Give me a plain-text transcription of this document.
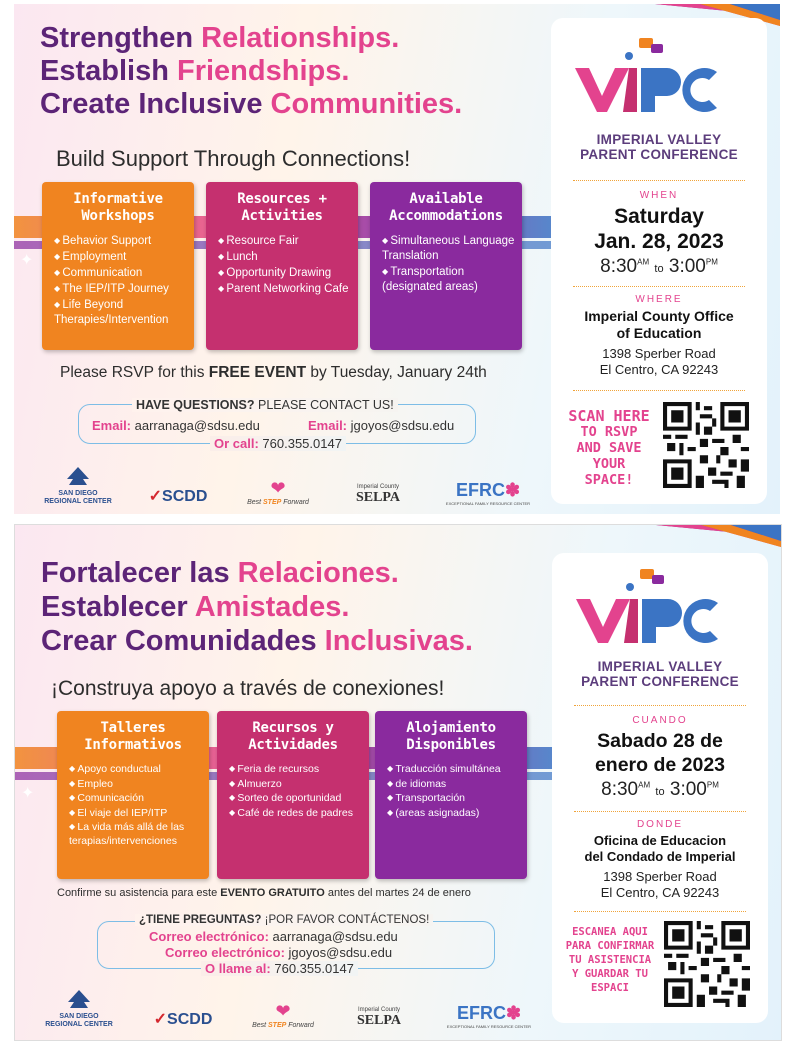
Strengthen Relationships.
Establish Friendships.
Create Inclusive Communities.
Build Support Through Connections!
✦
Informative
Workshops
◆ Behavior Support
◆ Employment
◆ Communication
◆ The IEP/ITP Journey
◆ Life Beyond Therapies/Intervention
Resources +
Activities
◆ Resource Fair
◆ Lunch
◆ Opportunity Drawing
◆ Parent Networking Cafe
Available
Accommodations
◆ Simultaneous Language Translation
◆ Transportation (designated areas)
Please RSVP for this FREE EVENT by Tuesday, January 24th
HAVE QUESTIONS? PLEASE CONTACT US!
Email: aarranaga@sdsu.edu	Email: jgoyos@sdsu.edu
Or call: 760.355.0147
SAN DIEGO
REGIONAL CENTER	✓SCDD	❤
Best STEP Forward
Imperial County
SELPA	EFRC✽
EXCEPTIONAL FAMILY RESOURCE CENTER
IMPERIAL VALLEY
PARENT CONFERENCE
WHEN
Saturday
Jan. 28, 2023
$8:30^{AM}$ to $3:00^{PM}$
WHERE
Imperial County Office
of Education
1398 Sperber Road
El Centro, CA 92243
SCAN HERE
TO RSVP
AND SAVE
YOUR SPACE!
Fortalecer las Relaciones.
Establecer Amistades.
Crear Comunidades Inclusivas.
¡Construya apoyo a través de conexiones!
✦
Talleres
Informativos
◆ Apoyo conductual
◆ Empleo
◆ Comunicación
◆ El viaje del IEP/ITP
◆ La vida más allá de las terapias/intervenciones
Recursos y
Actividades
◆ Feria de recursos
◆ Almuerzo
◆ Sorteo de oportunidad
◆ Café de redes de padres
Alojamiento
Disponibles
◆ Traducción simultánea
◆ de idiomas
◆ Transportación
◆ (areas asignadas)
Confirme su asistencia para este EVENTO GRATUITO antes del martes 24 de enero
¿TIENE PREGUNTAS? ¡POR FAVOR CONTÁCTENOS!
Correo electrónico: aarranaga@sdsu.edu
Correo electrónico: jgoyos@sdsu.edu
O llame al: 760.355.0147
SAN DIEGO
REGIONAL CENTER	✓SCDD	❤
Best STEP Forward
Imperial County
SELPA	EFRC✽
EXCEPTIONAL FAMILY RESOURCE CENTER
IMPERIAL VALLEY
PARENT CONFERENCE
CUANDO
Sabado 28 de
enero de 2023
$8:30^{AM}$ to $3:00^{PM}$
DONDE
Oficina de Educacion
del Condado de Imperial
1398 Sperber Road
El Centro, CA 92243
ESCANEA AQUI
PARA CONFIRMAR
TU ASISTENCIA
Y GUARDAR TU
ESPACI
